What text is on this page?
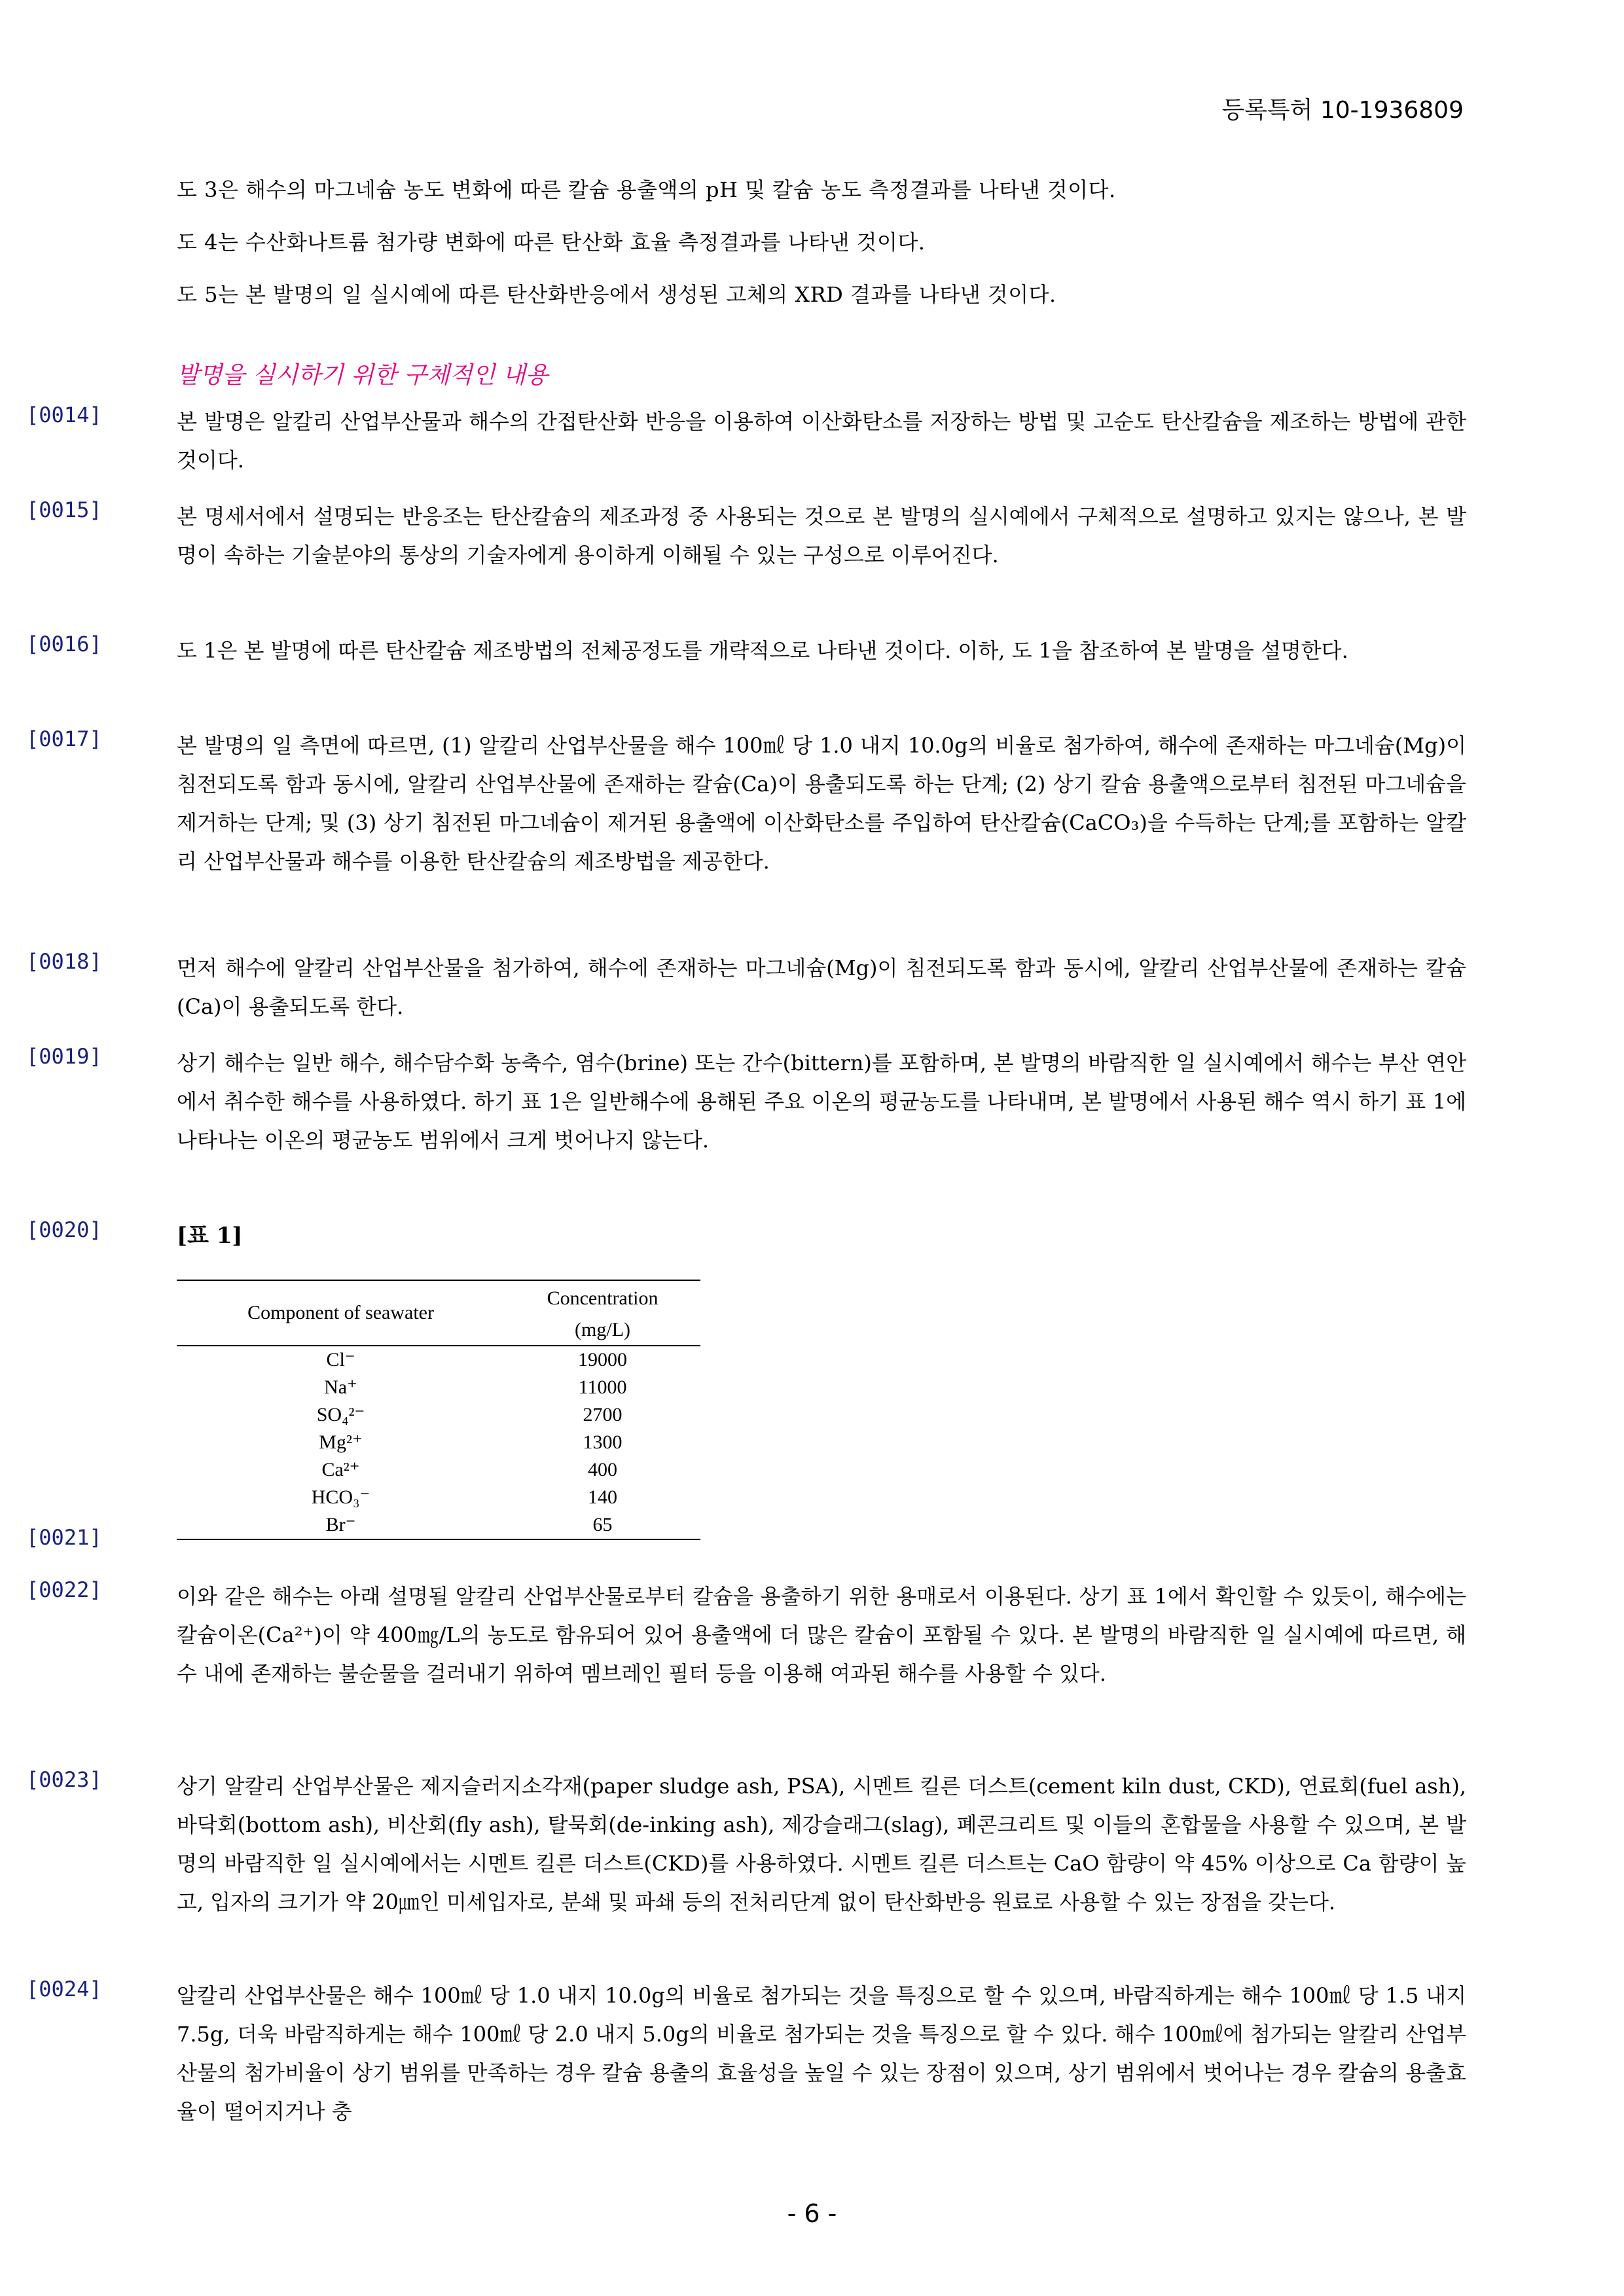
등록특허 10-1936809
도 3은 해수의 마그네슘 농도 변화에 따른 칼슘 용출액의 pH 및 칼슘 농도 측정결과를 나타낸 것이다.
도 4는 수산화나트륨 첨가량 변화에 따른 탄산화 효율 측정결과를 나타낸 것이다.
도 5는 본 발명의 일 실시예에 따른 탄산화반응에서 생성된 고체의 XRD 결과를 나타낸 것이다.
발명을 실시하기 위한 구체적인 내용
[0014]	본 발명은 알칼리 산업부산물과 해수의 간접탄산화 반응을 이용하여 이산화탄소를 저장하는 방법 및 고순도 탄산칼슘을 제조하는 방법에 관한 것이다.
[0015]	본 명세서에서 설명되는 반응조는 탄산칼슘의 제조과정 중 사용되는 것으로 본 발명의 실시예에서 구체적으로 설명하고 있지는 않으나, 본 발명이 속하는 기술분야의 통상의 기술자에게 용이하게 이해될 수 있는 구성으로 이루어진다.
[0016]	도 1은 본 발명에 따른 탄산칼슘 제조방법의 전체공정도를 개략적으로 나타낸 것이다. 이하, 도 1을 참조하여 본 발명을 설명한다.
[0017]	본 발명의 일 측면에 따르면, (1) 알칼리 산업부산물을 해수 100㎖ 당 1.0 내지 10.0g의 비율로 첨가하여, 해수에 존재하는 마그네슘(Mg)이 침전되도록 함과 동시에, 알칼리 산업부산물에 존재하는 칼슘(Ca)이 용출되도록 하는 단계; (2) 상기 칼슘 용출액으로부터 침전된 마그네슘을 제거하는 단계; 및 (3) 상기 침전된 마그네슘이 제거된 용출액에 이산화탄소를 주입하여 탄산칼슘(CaCO₃)을 수득하는 단계;를 포함하는 알칼리 산업부산물과 해수를 이용한 탄산칼슘의 제조방법을 제공한다.
[0018]	먼저 해수에 알칼리 산업부산물을 첨가하여, 해수에 존재하는 마그네슘(Mg)이 침전되도록 함과 동시에, 알칼리 산업부산물에 존재하는 칼슘(Ca)이 용출되도록 한다.
[0019]	상기 해수는 일반 해수, 해수담수화 농축수, 염수(brine) 또는 간수(bittern)를 포함하며, 본 발명의 바람직한 일 실시예에서 해수는 부산 연안에서 취수한 해수를 사용하였다. 하기 표 1은 일반해수에 용해된 주요 이온의 평균농도를 나타내며, 본 발명에서 사용된 해수 역시 하기 표 1에 나타나는 이온의 평균농도 범위에서 크게 벗어나지 않는다.
[0020]	[표 1]
Component of seawater	Concentration
	(mg/L)
Cl⁻	19000
Na⁺	11000
SO₄²⁻	2700
Mg²⁺	1300
Ca²⁺	400
HCO₃⁻	140
Br⁻	65
[0021]
[0022]	이와 같은 해수는 아래 설명될 알칼리 산업부산물로부터 칼슘을 용출하기 위한 용매로서 이용된다. 상기 표 1에서 확인할 수 있듯이, 해수에는 칼슘이온(Ca²⁺)이 약 400㎎/L의 농도로 함유되어 있어 용출액에 더 많은 칼슘이 포함될 수 있다. 본 발명의 바람직한 일 실시예에 따르면, 해수 내에 존재하는 불순물을 걸러내기 위하여 멤브레인 필터 등을 이용해 여과된 해수를 사용할 수 있다.
[0023]	상기 알칼리 산업부산물은 제지슬러지소각재(paper sludge ash, PSA), 시멘트 킬른 더스트(cement kiln dust, CKD), 연료회(fuel ash), 바닥회(bottom ash), 비산회(fly ash), 탈묵회(de-inking ash), 제강슬래그(slag), 폐콘크리트 및 이들의 혼합물을 사용할 수 있으며, 본 발명의 바람직한 일 실시예에서는 시멘트 킬른 더스트(CKD)를 사용하였다. 시멘트 킬른 더스트는 CaO 함량이 약 45% 이상으로 Ca 함량이 높고, 입자의 크기가 약 20㎛인 미세입자로, 분쇄 및 파쇄 등의 전처리단계 없이 탄산화반응 원료로 사용할 수 있는 장점을 갖는다.
[0024]	알칼리 산업부산물은 해수 100㎖ 당 1.0 내지 10.0g의 비율로 첨가되는 것을 특징으로 할 수 있으며, 바람직하게는 해수 100㎖ 당 1.5 내지 7.5g, 더욱 바람직하게는 해수 100㎖ 당 2.0 내지 5.0g의 비율로 첨가되는 것을 특징으로 할 수 있다. 해수 100㎖에 첨가되는 알칼리 산업부산물의 첨가비율이 상기 범위를 만족하는 경우 칼슘 용출의 효율성을 높일 수 있는 장점이 있으며, 상기 범위에서 벗어나는 경우 칼슘의 용출효율이 떨어지거나 충
- 6 -
